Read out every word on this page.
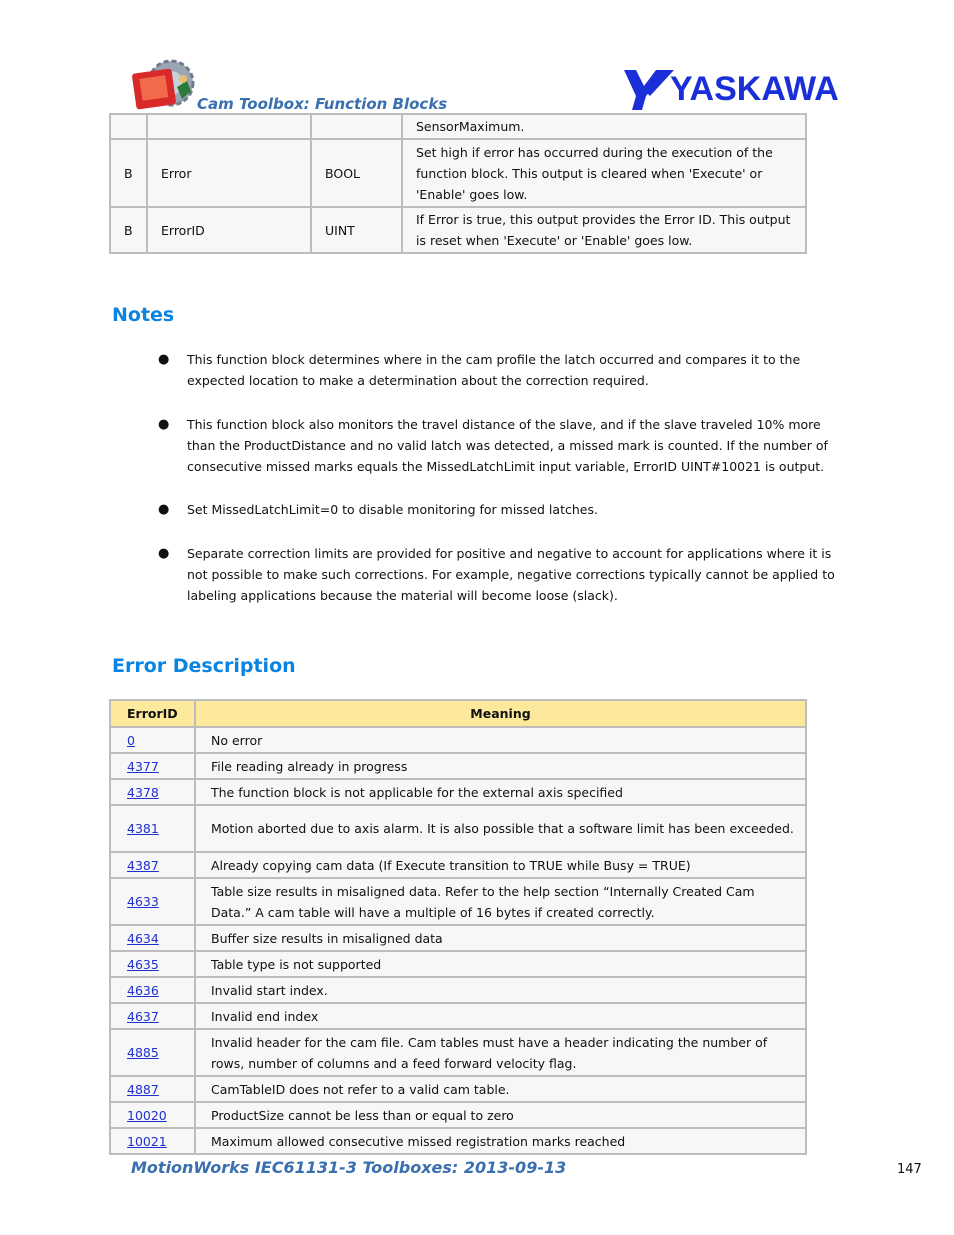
Cam Toolbox: Function Blocks	YASKAWA
			SensorMaximum.
B	Error	BOOL	Set high if error has occurred during the execution of the function block. This output is cleared when 'Execute' or 'Enable' goes low.
B	ErrorID	UINT	If Error is true, this output provides the Error ID. This output is reset when 'Execute' or 'Enable' goes low.
Notes
● This function block determines where in the cam profile the latch occurred and compares it to the expected location to make a determination about the correction required.
● This function block also monitors the travel distance of the slave, and if the slave traveled 10% more than the ProductDistance and no valid latch was detected, a missed mark is counted. If the number of consecutive missed marks equals the MissedLatchLimit input variable, ErrorID UINT#10021 is output.
● Set MissedLatchLimit=0 to disable monitoring for missed latches.
● Separate correction limits are provided for positive and negative to account for applications where it is not possible to make such corrections. For example, negative corrections typically cannot be applied to labeling applications because the material will become loose (slack).
Error Description
ErrorID	Meaning
0	No error
4377	File reading already in progress
4378	The function block is not applicable for the external axis specified
4381	Motion aborted due to axis alarm. It is also possible that a software limit has been exceeded.
4387	Already copying cam data (If Execute transition to TRUE while Busy = TRUE)
4633	Table size results in misaligned data. Refer to the help section “Internally Created Cam Data.” A cam table will have a multiple of 16 bytes if created correctly.
4634	Buffer size results in misaligned data
4635	Table type is not supported
4636	Invalid start index.
4637	Invalid end index
4885	Invalid header for the cam file. Cam tables must have a header indicating the number of rows, number of columns and a feed forward velocity flag.
4887	CamTableID does not refer to a valid cam table.
10020	ProductSize cannot be less than or equal to zero
10021	Maximum allowed consecutive missed registration marks reached
MotionWorks IEC61131-3 Toolboxes: 2013-09-13	147
